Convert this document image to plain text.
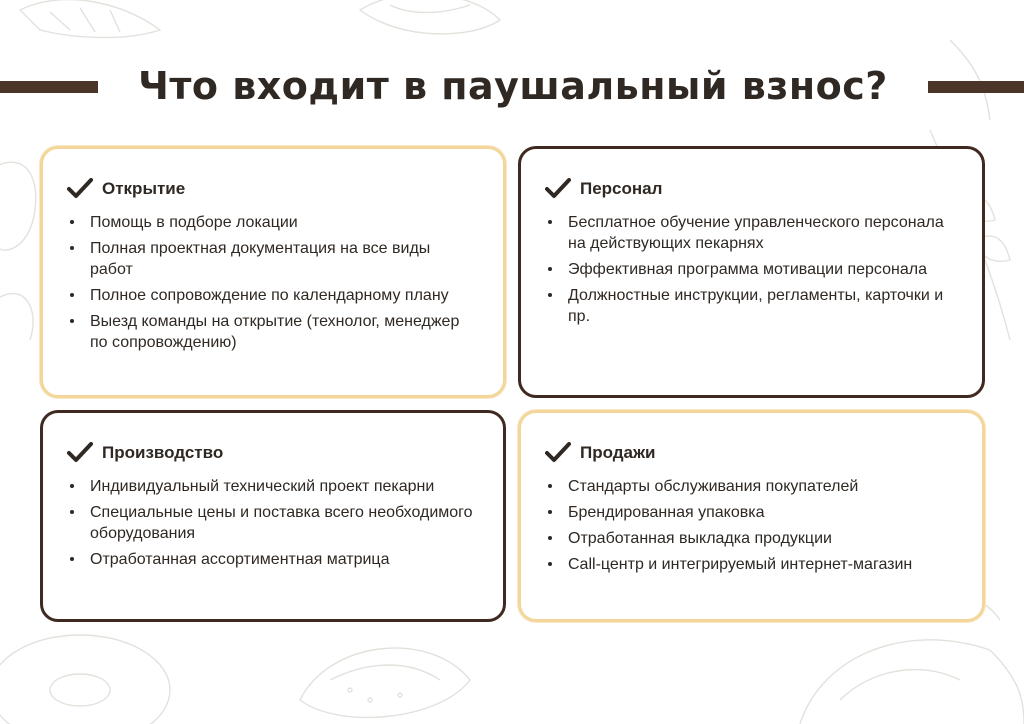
Что входит в паушальный взнос?
Открытие
Помощь в подборе локации
Полная проектная документация на все виды работ
Полное сопровождение по календарному плану
Выезд команды на открытие (технолог, менеджер по сопровождению)
Персонал
Бесплатное обучение управленческого персонала на действующих пекарнях
Эффективная программа мотивации персонала
Должностные инструкции, регламенты, карточки и пр.
Производство
Индивидуальный технический проект пекарни
Специальные цены и поставка всего необходимого оборудования
Отработанная ассортиментная матрица
Продажи
Стандарты обслуживания покупателей
Брендированная упаковка
Отработанная выкладка продукции
Call-центр и интегрируемый интернет-магазин
